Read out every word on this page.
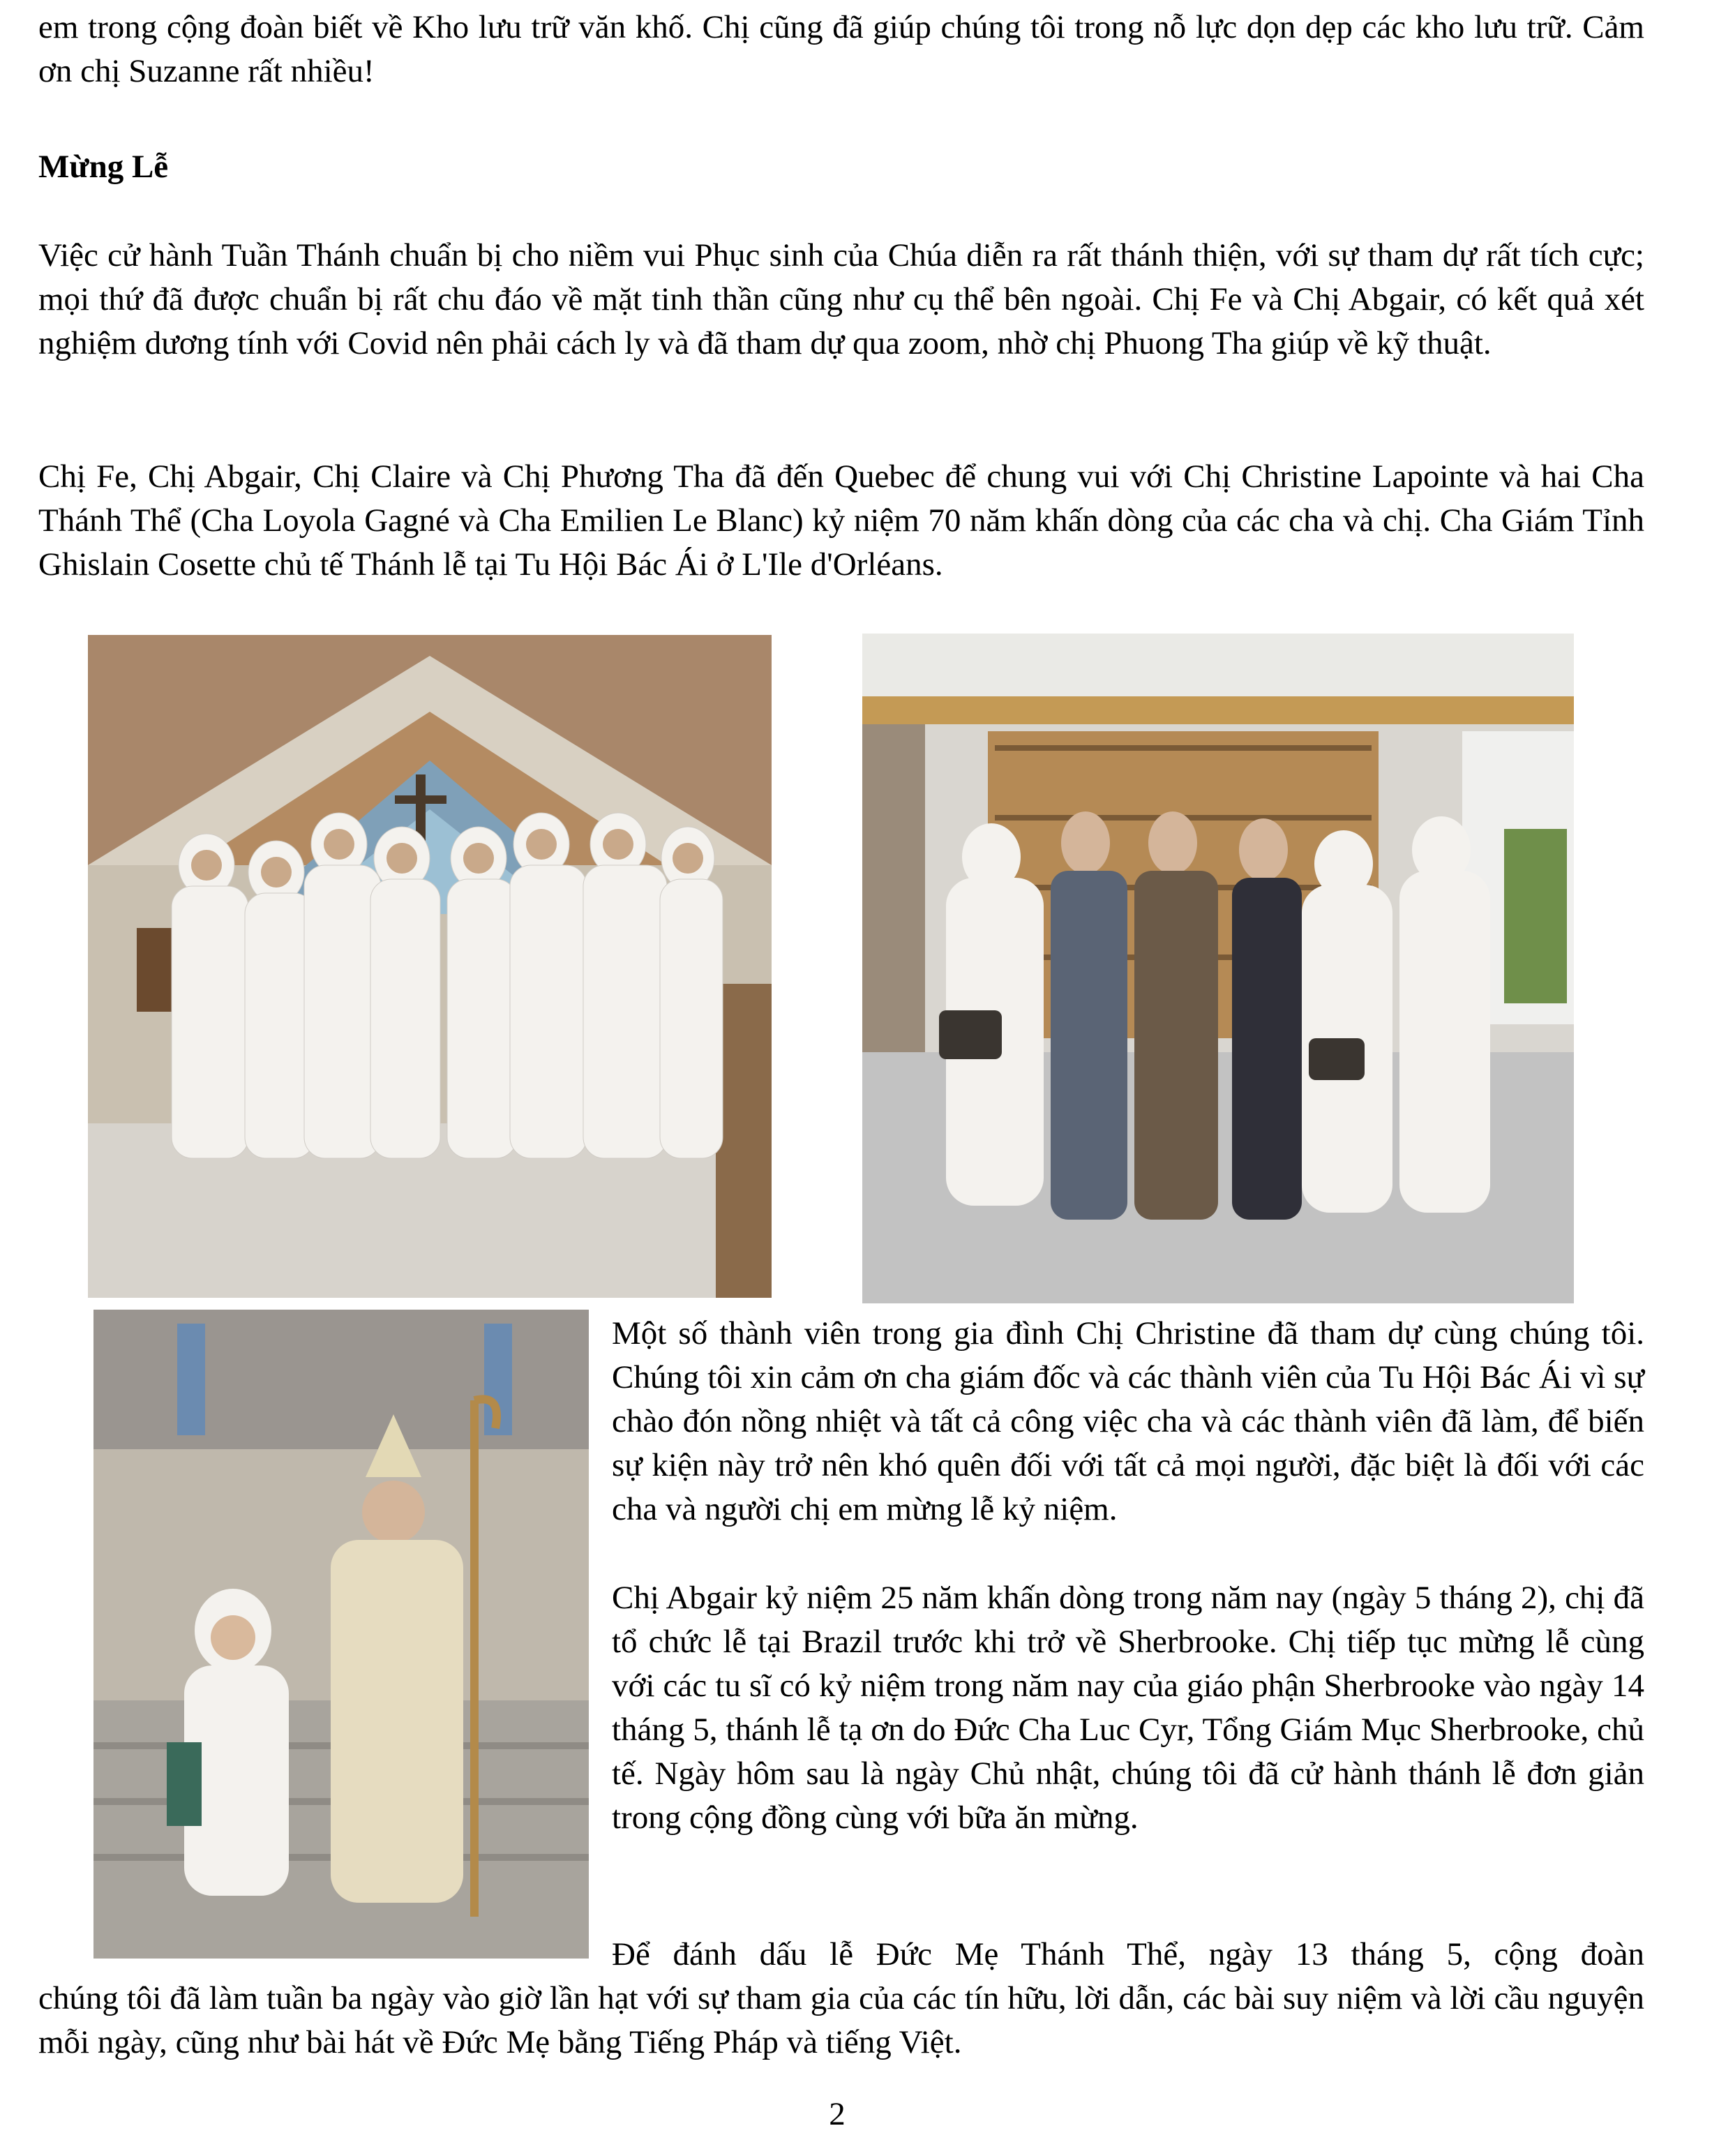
em trong cộng đoàn biết về Kho lưu trữ văn khố. Chị cũng đã giúp chúng tôi trong nỗ lực dọn dẹp các kho lưu trữ. Cảm ơn chị Suzanne rất nhiều!

Mừng Lễ

Việc cử hành Tuần Thánh chuẩn bị cho niềm vui Phục sinh của Chúa diễn ra rất thánh thiện, với sự tham dự rất tích cực; mọi thứ đã được chuẩn bị rất chu đáo về mặt tinh thần cũng như cụ thể bên ngoài. Chị Fe và Chị Abgair, có kết quả xét nghiệm dương tính với Covid nên phải cách ly và đã tham dự qua zoom, nhờ chị Phuong Tha giúp về kỹ thuật.

Chị Fe, Chị Abgair, Chị Claire và Chị Phương Tha đã đến Quebec để chung vui với Chị Christine Lapointe và hai Cha Thánh Thể (Cha Loyola Gagné và Cha Emilien Le Blanc) kỷ niệm 70 năm khấn dòng của các cha và chị. Cha Giám Tỉnh Ghislain Cosette chủ tế Thánh lễ tại Tu Hội Bác Ái ở L'Ile d'Orléans.

Một số thành viên trong gia đình Chị Christine đã tham dự cùng chúng tôi. Chúng tôi xin cảm ơn cha giám đốc và các thành viên của Tu Hội Bác Ái vì sự chào đón nồng nhiệt và tất cả công việc cha và các thành viên đã làm, để biến sự kiện này trở nên khó quên đối với tất cả mọi người, đặc biệt là đối với các cha và người chị em mừng lễ kỷ niệm.

Chị Abgair kỷ niệm 25 năm khấn dòng trong năm nay (ngày 5 tháng 2), chị đã tổ chức lễ tại Brazil trước khi trở về Sherbrooke. Chị tiếp tục mừng lễ cùng với các tu sĩ có kỷ niệm trong năm nay của giáo phận Sherbrooke vào ngày 14 tháng 5, thánh lễ tạ ơn do Đức Cha Luc Cyr, Tổng Giám Mục Sherbrooke, chủ tế. Ngày hôm sau là ngày Chủ nhật, chúng tôi đã cử hành thánh lễ đơn giản trong cộng đồng cùng với bữa ăn mừng.

Để đánh dấu lễ Đức Mẹ Thánh Thể, ngày 13 tháng 5, cộng đoàn

chúng tôi đã làm tuần ba ngày vào giờ lần hạt với sự tham gia của các tín hữu, lời dẫn, các bài suy niệm và lời cầu nguyện mỗi ngày, cũng như bài hát về Đức Mẹ bằng Tiếng Pháp và tiếng Việt.

2
